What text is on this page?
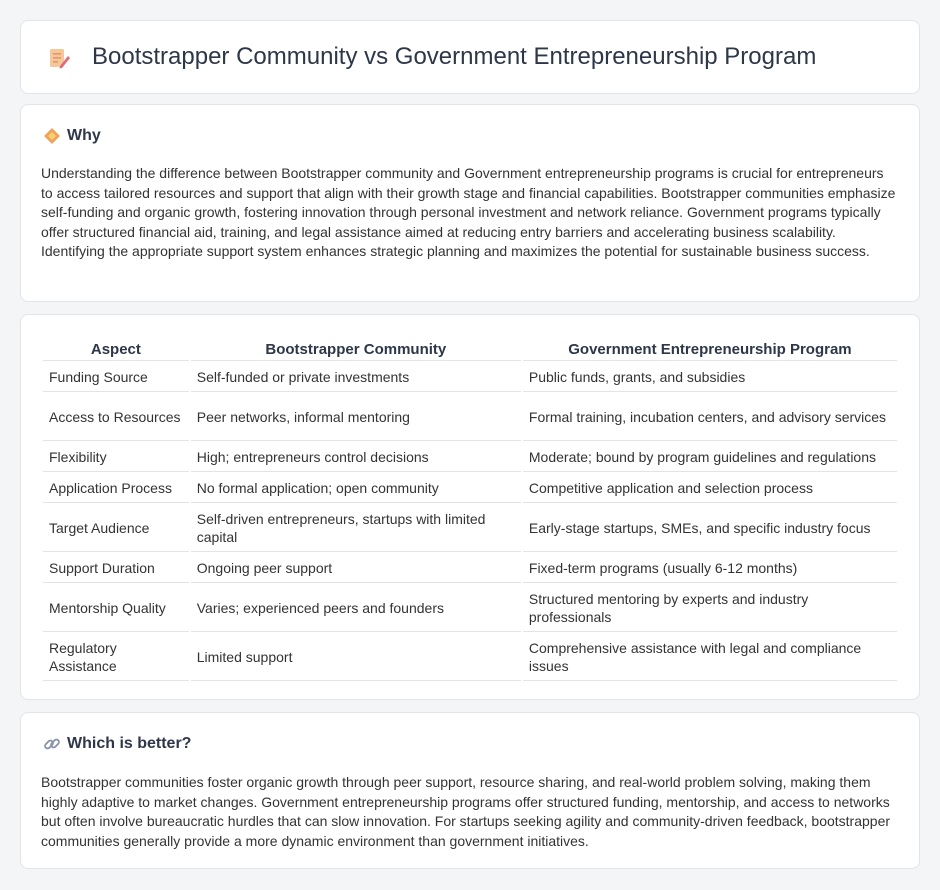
Bootstrapper Community vs Government Entrepreneurship Program
Why

Understanding the difference between Bootstrapper community and Government entrepreneurship programs is crucial for entrepreneurs to access tailored resources and support that align with their growth stage and financial capabilities. Bootstrapper communities emphasize self-funding and organic growth, fostering innovation through personal investment and network reliance. Government programs typically offer structured financial aid, training, and legal assistance aimed at reducing entry barriers and accelerating business scalability. Identifying the appropriate support system enhances strategic planning and maximizes the potential for sustainable business success.

Aspect	Bootstrapper Community	Government Entrepreneurship Program
Funding Source	Self-funded or private investments	Public funds, grants, and subsidies
Access to Resources	Peer networks, informal mentoring	Formal training, incubation centers, and advisory services
Flexibility	High; entrepreneurs control decisions	Moderate; bound by program guidelines and regulations
Application Process	No formal application; open community	Competitive application and selection process
Target Audience	Self-driven entrepreneurs, startups with limited capital	Early-stage startups, SMEs, and specific industry focus
Support Duration	Ongoing peer support	Fixed-term programs (usually 6-12 months)
Mentorship Quality	Varies; experienced peers and founders	Structured mentoring by experts and industry professionals
Regulatory Assistance	Limited support	Comprehensive assistance with legal and compliance issues
Which is better?

Bootstrapper communities foster organic growth through peer support, resource sharing, and real-world problem solving, making them highly adaptive to market changes. Government entrepreneurship programs offer structured funding, mentorship, and access to networks but often involve bureaucratic hurdles that can slow innovation. For startups seeking agility and community-driven feedback, bootstrapper communities generally provide a more dynamic environment than government initiatives.
